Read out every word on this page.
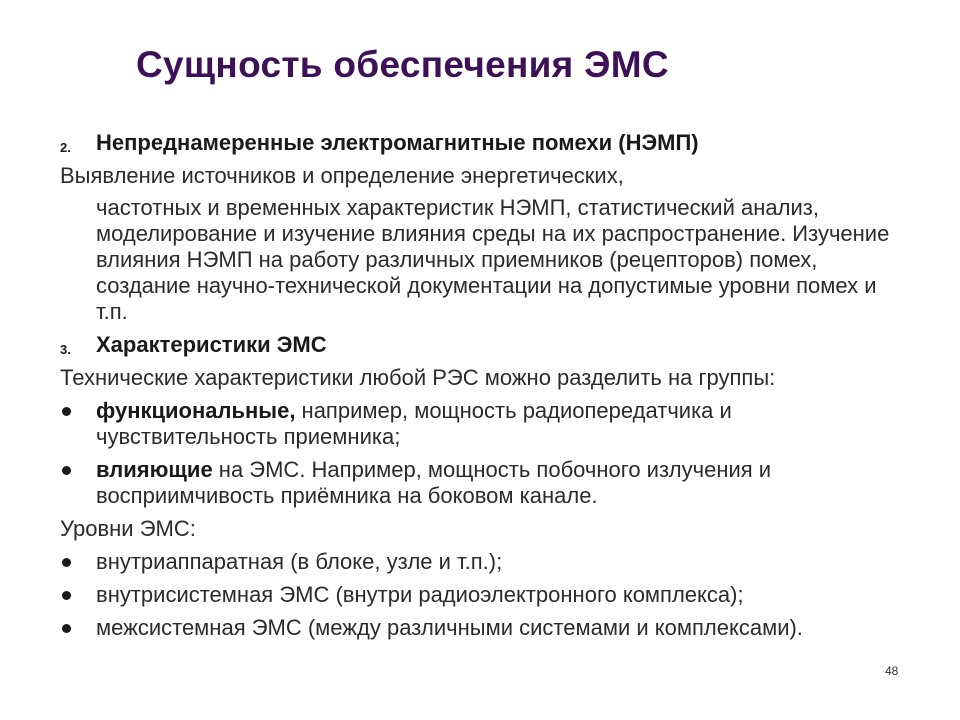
Сущность обеспечения ЭМС
2. Непреднамеренные электромагнитные помехи (НЭМП)
Выявление источников и определение энергетических,
частотных и временных характеристик НЭМП, статистический анализ, моделирование и изучение влияния среды на их распространение. Изучение влияния НЭМП на работу различных приемников (рецепторов) помех, создание научно-технической документации на допустимые уровни помех и т.п.
3. Характеристики ЭМС
Технические характеристики любой РЭС можно разделить на группы:
функциональные, например, мощность радиопередатчика и чувствительность приемника;
влияющие на ЭМС. Например, мощность побочного излучения и восприимчивость приёмника на боковом канале.
Уровни ЭМС:
внутриаппаратная (в блоке, узле и т.п.);
внутрисистемная ЭМС (внутри радиоэлектронного комплекса);
межсистемная ЭМС (между различными системами и комплексами).
48
